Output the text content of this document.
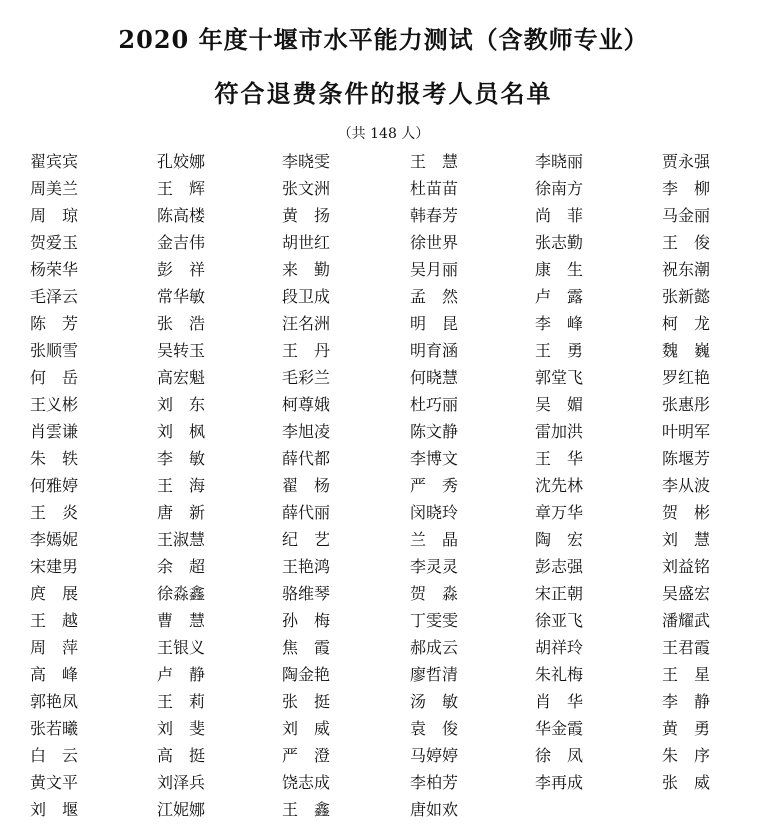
2020 年度十堰市水平能力测试（含教师专业）
符合退费条件的报考人员名单
（共 148 人）
翟宾宾	孔姣娜	李晓雯	王　慧	李晓丽	贾永强
周美兰	王　辉	张文洲	杜苗苗	徐南方	李　柳
周　琼	陈高楼	黄　扬	韩春芳	尚　菲	马金丽
贺爱玉	金吉伟	胡世红	徐世界	张志勤	王　俊
杨荣华	彭　祥	来　勤	吴月丽	康　生	祝东潮
毛泽云	常华敏	段卫成	孟　然	卢　露	张新懿
陈　芳	张　浩	汪名洲	明　昆	李　峰	柯　龙
张顺雪	吴转玉	王　丹	明育涵	王　勇	魏　巍
何　岳	高宏魁	毛彩兰	何晓慧	郭堂飞	罗红艳
王义彬	刘　东	柯尊娥	杜巧丽	吴　媚	张惠彤
肖雲谦	刘　枫	李旭凌	陈文静	雷加洪	叶明军
朱　轶	李　敏	薛代都	李博文	王　华	陈堰芳
何雅婷	王　海	翟　杨	严　秀	沈先林	李从波
王　炎	唐　新	薛代丽	闵晓玲	章万华	贺　彬
李嫣妮	王淑慧	纪　艺	兰　晶	陶　宏	刘　慧
宋建男	余　超	王艳鸿	李灵灵	彭志强	刘益铭
庹　展	徐淼鑫	骆维琴	贺　淼	宋正朝	吴盛宏
王　越	曹　慧	孙　梅	丁雯雯	徐亚飞	潘耀武
周　萍	王银义	焦　霞	郝成云	胡祥玲	王君霞
高　峰	卢　静	陶金艳	廖哲清	朱礼梅	王　星
郭艳凤	王　莉	张　挺	汤　敏	肖　华	李　静
张若曦	刘　斐	刘　威	袁　俊	华金霞	黄　勇
白　云	高　挺	严　澄	马婷婷	徐　凤	朱　序
黄文平	刘泽兵	饶志成	李柏芳	李再成	张　威
刘　堰	江妮娜	王　鑫	唐如欢
